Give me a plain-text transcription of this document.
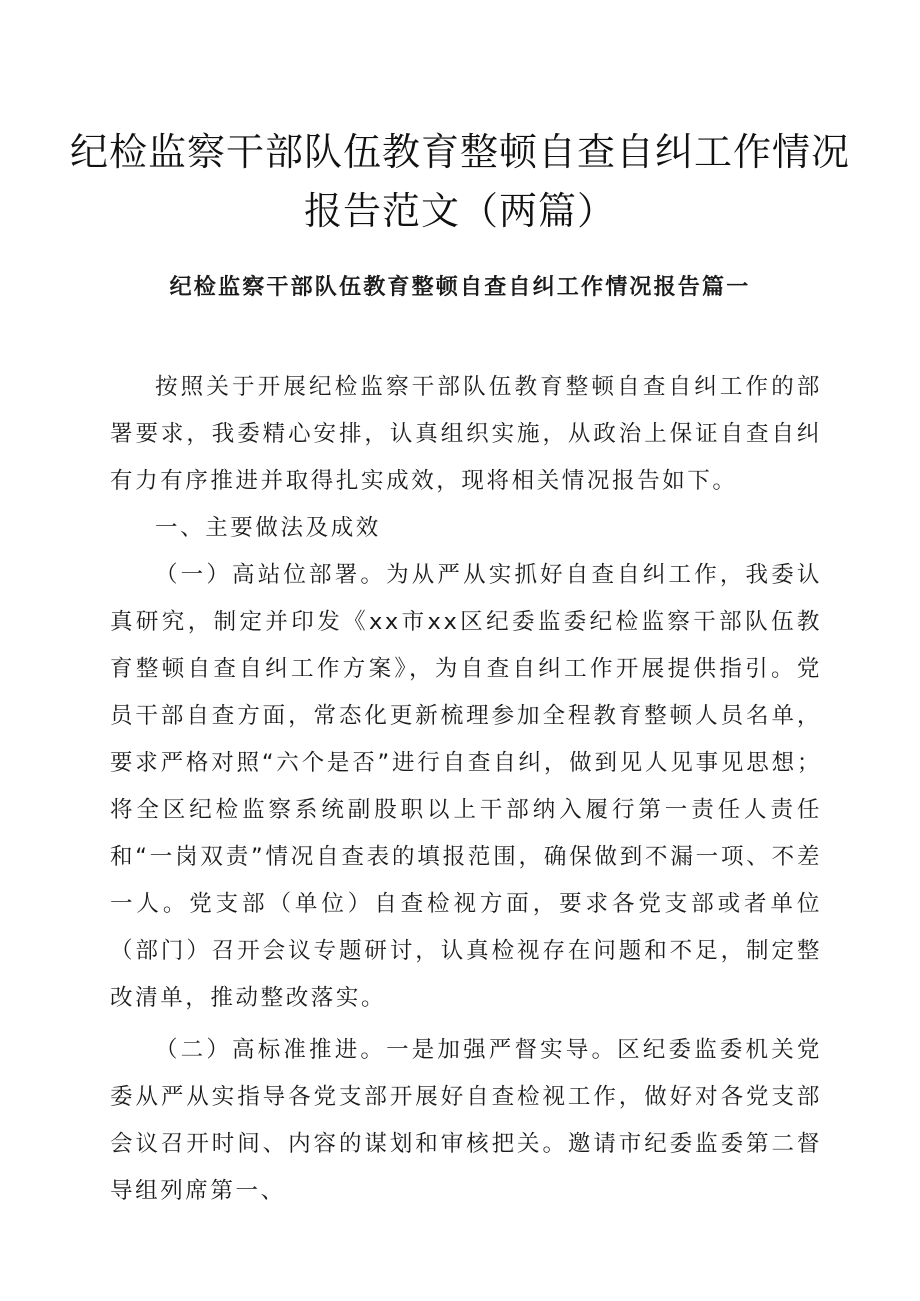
纪检监察干部队伍教育整顿自查自纠工作情况
报告范文（两篇）
纪检监察干部队伍教育整顿自查自纠工作情况报告篇一

按照关于开展纪检监察干部队伍教育整顿自查自纠工作的部署要求，我委精心安排，认真组织实施，从政治上保证自查自纠有力有序推进并取得扎实成效，现将相关情况报告如下。

一、主要做法及成效

（一）高站位部署。为从严从实抓好自查自纠工作，我委认真研究，制定并印发《xx市xx区纪委监委纪检监察干部队伍教育整顿自查自纠工作方案》，为自查自纠工作开展提供指引。党员干部自查方面，常态化更新梳理参加全程教育整顿人员名单，要求严格对照“六个是否”进行自查自纠，做到见人见事见思想；将全区纪检监察系统副股职以上干部纳入履行第一责任人责任和“一岗双责”情况自查表的填报范围，确保做到不漏一项、不差一人。党支部（单位）自查检视方面，要求各党支部或者单位（部门）召开会议专题研讨，认真检视存在问题和不足，制定整改清单，推动整改落实。

（二）高标准推进。一是加强严督实导。区纪委监委机关党委从严从实指导各党支部开展好自查检视工作，做好对各党支部会议召开时间、内容的谋划和审核把关。邀请市纪委监委第二督导组列席第一、
